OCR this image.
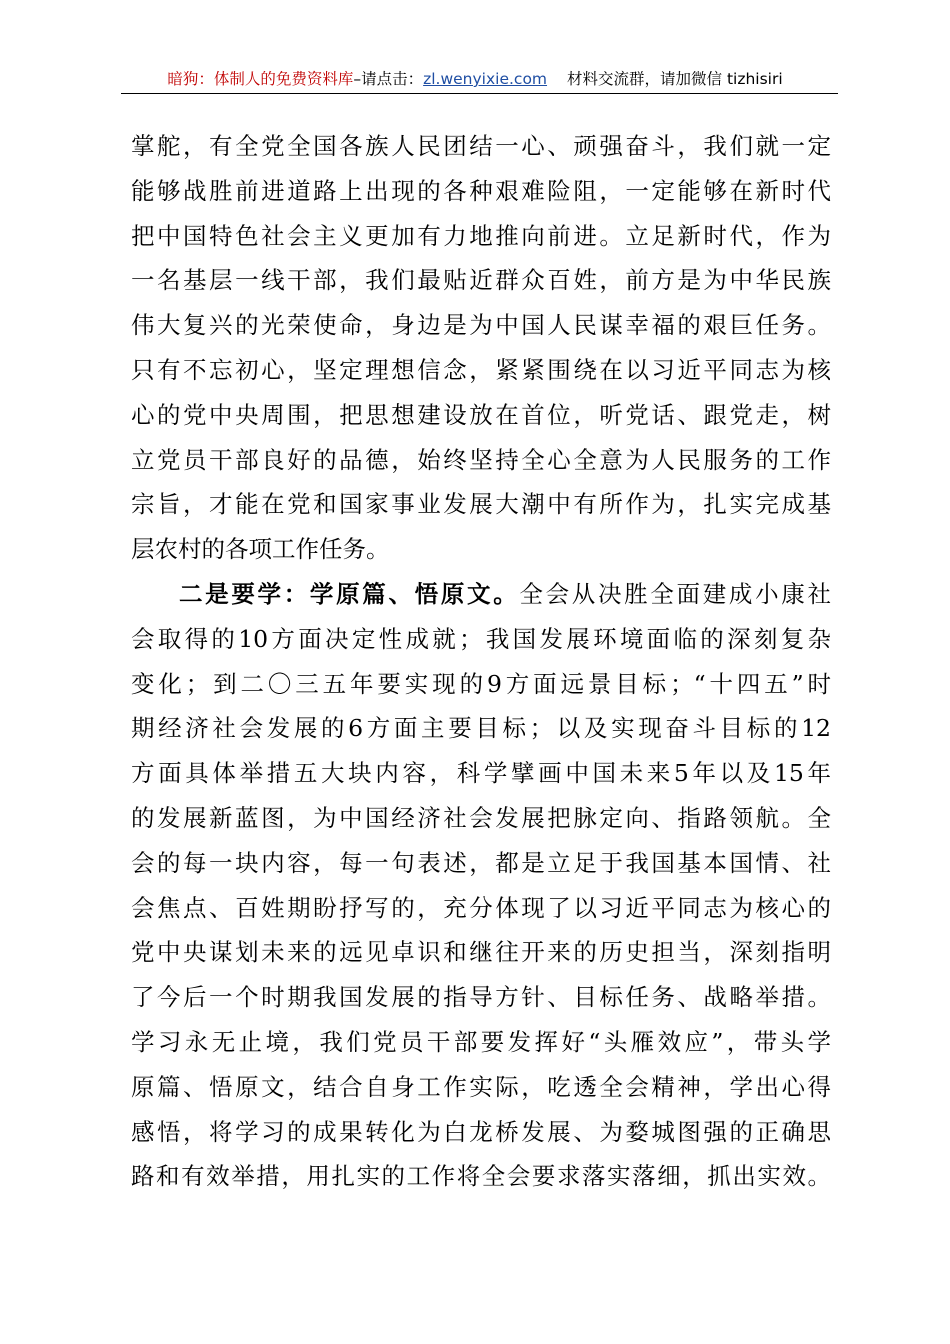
暗狗：体制人的免费资料库–请点击：zl.wenyixie.com 材料交流群，请加微信 tizhisiri
掌舵，有全党全国各族人民团结一心、顽强奋斗，我们就一定
能够战胜前进道路上出现的各种艰难险阻，一定能够在新时代
把中国特色社会主义更加有力地推向前进。立足新时代，作为
一名基层一线干部，我们最贴近群众百姓，前方是为中华民族
伟大复兴的光荣使命，身边是为中国人民谋幸福的艰巨任务。
只有不忘初心，坚定理想信念，紧紧围绕在以习近平同志为核
心的党中央周围，把思想建设放在首位，听党话、跟党走，树
立党员干部良好的品德，始终坚持全心全意为人民服务的工作
宗旨，才能在党和国家事业发展大潮中有所作为，扎实完成基
层农村的各项工作任务。
二是要学：学原篇、悟原文。全会从决胜全面建成小康社
会取得的10方面决定性成就；我国发展环境面临的深刻复杂
变化；到二〇三五年要实现的9方面远景目标；“十四五”时
期经济社会发展的6方面主要目标；以及实现奋斗目标的12
方面具体举措五大块内容，科学擘画中国未来5年以及15年
的发展新蓝图，为中国经济社会发展把脉定向、指路领航。全
会的每一块内容，每一句表述，都是立足于我国基本国情、社
会焦点、百姓期盼抒写的，充分体现了以习近平同志为核心的
党中央谋划未来的远见卓识和继往开来的历史担当，深刻指明
了今后一个时期我国发展的指导方针、目标任务、战略举措。
学习永无止境，我们党员干部要发挥好“头雁效应”，带头学
原篇、悟原文，结合自身工作实际，吃透全会精神，学出心得
感悟，将学习的成果转化为白龙桥发展、为婺城图强的正确思
路和有效举措，用扎实的工作将全会要求落实落细，抓出实效。
